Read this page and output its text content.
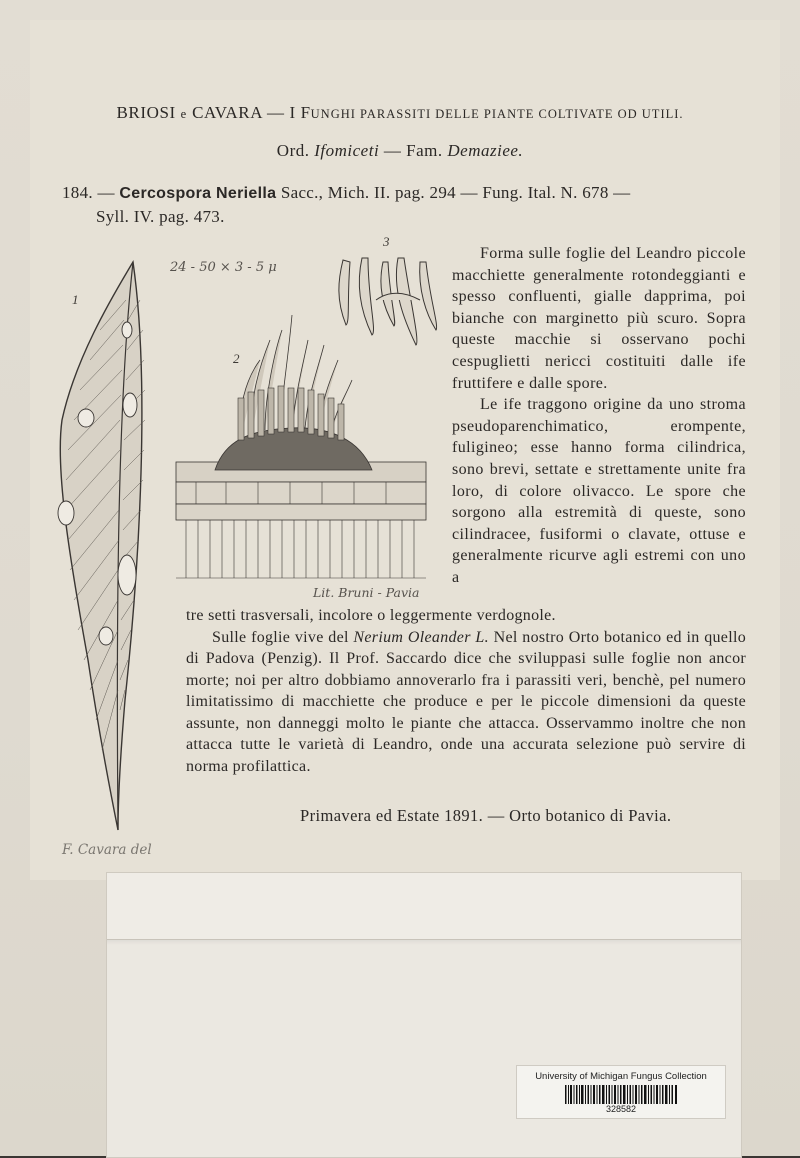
BRIOSI e CAVARA — I FUNGHI PARASSITI DELLE PIANTE COLTIVATE OD UTILI.
Ord. Ifomiceti — Fam. Demaziee.
184. — Cercospora Neriella Sacc., Mich. II. pag. 294 — Fung. Ital. N. 678 —
Syll. IV. pag. 473.
1
2
3
24 - 50 × 3 - 5 μ
Lit. Bruni - Pavia
F. Cavara del

Forma sulle foglie del Leandro piccole macchiette generalmente rotondeggianti e spesso confluenti, gialle dapprima, poi bianche con marginetto più scuro. Sopra queste macchie si osservano pochi cespuglietti nericci costituiti dalle ife fruttifere e dalle spore.

Le ife traggono origine da uno stroma pseudoparenchimatico, erompente, fuligineo; esse hanno forma cilindrica, sono brevi, settate e strettamente unite fra loro, di colore olivacco. Le spore che sorgono alla estremità di queste, sono cilindracee, fusiformi o clavate, ottuse e generalmente ricurve agli estremi con uno a

tre setti trasversali, incolore o leggermente verdognole.

Sulle foglie vive del Nerium Oleander L. Nel nostro Orto botanico ed in quello di Padova (Penzig). Il Prof. Saccardo dice che sviluppasi sulle foglie non ancor morte; noi per altro dobbiamo annoverarlo fra i parassiti veri, benchè, pel numero limitatissimo di macchiette che produce e per le piccole dimensioni da queste assunte, non danneggi molto le piante che attacca. Osservammo inoltre che non attacca tutte le varietà di Leandro, onde una accurata selezione può servire di norma profilattica.

Primavera ed Estate 1891. — Orto botanico di Pavia.
University of Michigan Fungus Collection
328582
